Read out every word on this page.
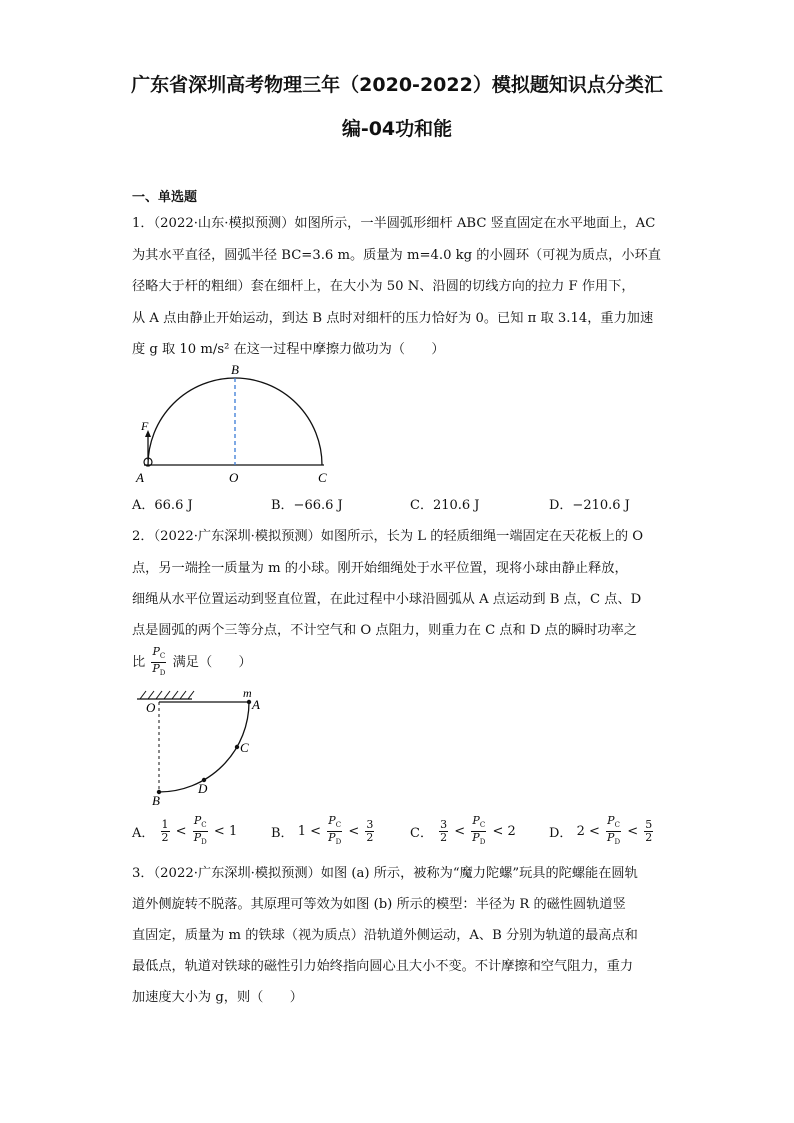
广东省深圳高考物理三年（2020-2022）模拟题知识点分类汇
编-04功和能
一、单选题
1．（2022·山东·模拟预测）如图所示，一半圆弧形细杆 ABC 竖直固定在水平地面上，AC
为其水平直径，圆弧半径 BC=3.6 m。质量为 m=4.0 kg 的小圆环（可视为质点，小环直
径略大于杆的粗细）套在细杆上，在大小为 50 N、沿圆的切线方向的拉力 F 作用下，
从 A 点由静止开始运动，到达 B 点时对细杆的压力恰好为 0。已知 π 取 3.14，重力加速
度 g 取 10 m/s² 在这一过程中摩擦力做功为（　　）
F
B
A	O	C
A．66.6 J	B．−66.6 J	C．210.6 J	D．−210.6 J
2．（2022·广东深圳·模拟预测）如图所示，长为 L 的轻质细绳一端固定在天花板上的 O
点，另一端拴一质量为 m 的小球。刚开始细绳处于水平位置，现将小球由静止释放，
细绳从水平位置运动到竖直位置，在此过程中小球沿圆弧从 A 点运动到 B 点，C 点、D
点是圆弧的两个三等分点，不计空气和 O 点阻力，则重力在 C 点和 D 点的瞬时功率之
比 $\frac{P_C}{P_D}$ 满足（　　）
O
m
A
C
D
B
A． $\frac{1}{2} < \frac{P_C}{P_D} < 1$	B． $1 < \frac{P_C}{P_D} < \frac{3}{2}$	C． $\frac{3}{2} < \frac{P_C}{P_D} < 2$	D． $2 < \frac{P_C}{P_D} < \frac{5}{2}$
3．（2022·广东深圳·模拟预测）如图 (a) 所示，被称为“魔力陀螺”玩具的陀螺能在圆轨
道外侧旋转不脱落。其原理可等效为如图 (b) 所示的模型：半径为 R 的磁性圆轨道竖
直固定，质量为 m 的铁球（视为质点）沿轨道外侧运动，A、B 分别为轨道的最高点和
最低点，轨道对铁球的磁性引力始终指向圆心且大小不变。不计摩擦和空气阻力，重力
加速度大小为 g，则（　　）
